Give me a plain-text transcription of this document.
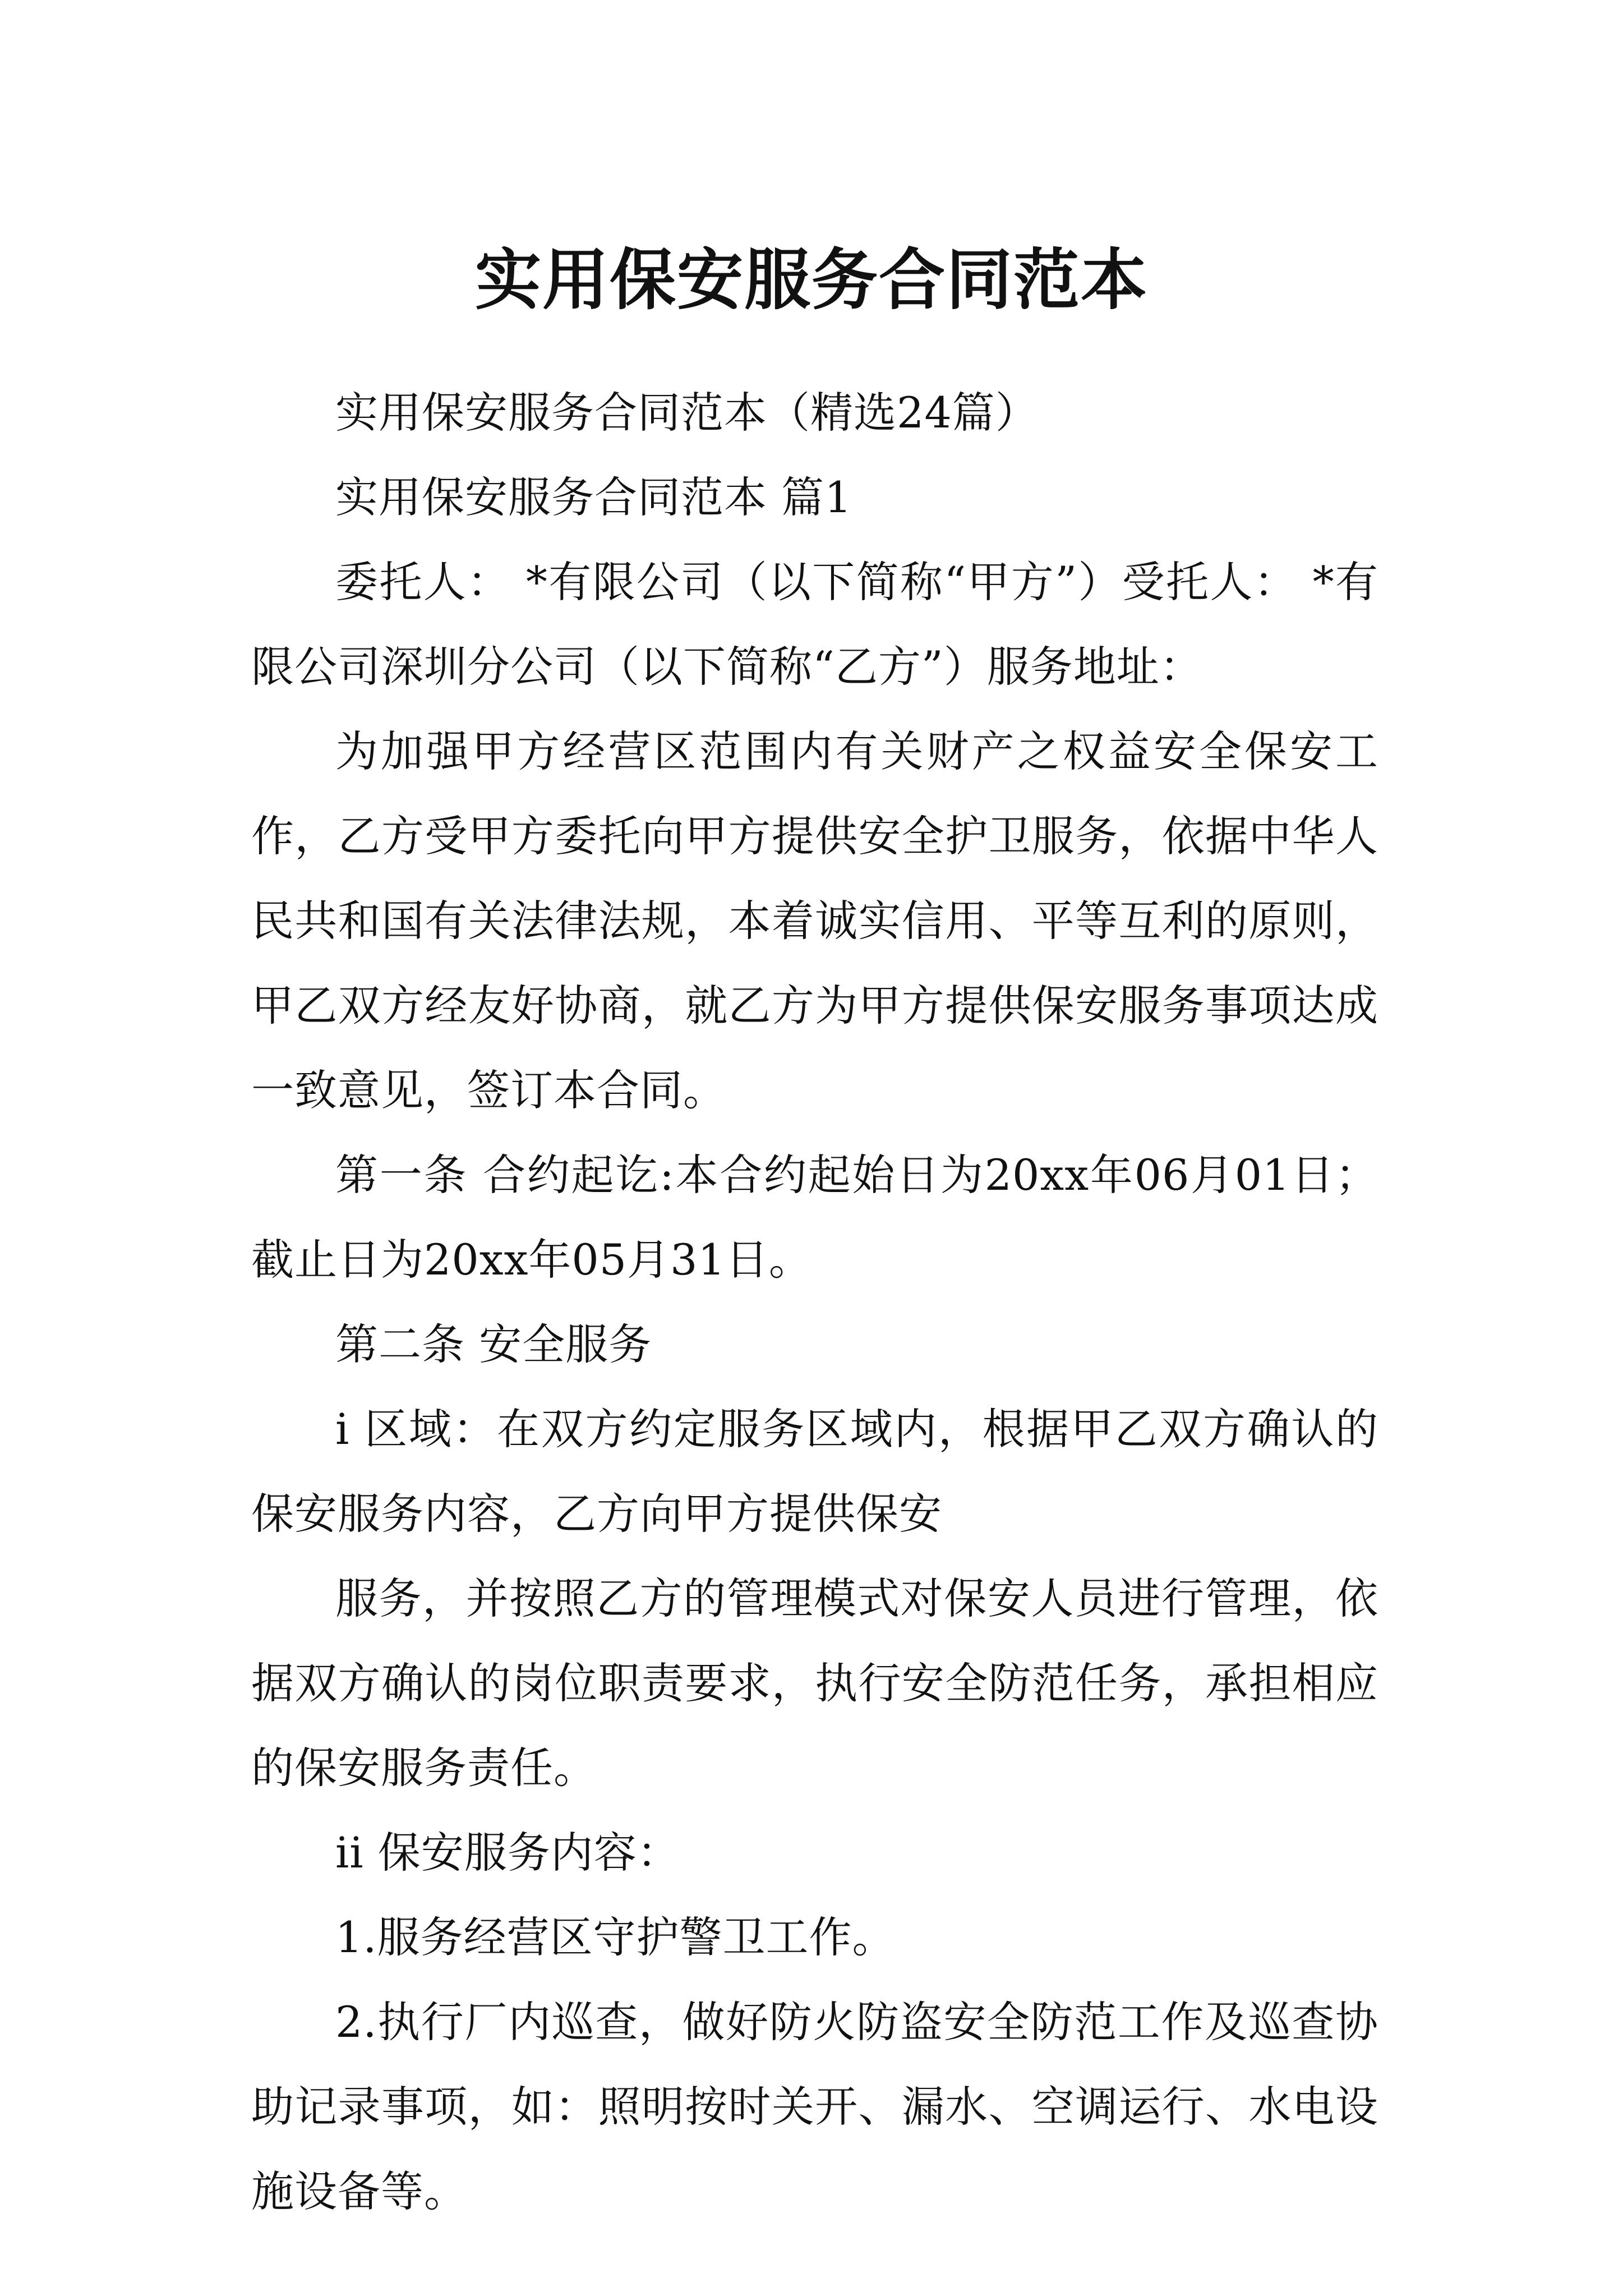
实用保安服务合同范本

实用保安服务合同范本（精选24篇）

实用保安服务合同范本 篇1

委托人： *有限公司（以下简称“甲方”）受托人： *有限公司深圳分公司（以下简称“乙方”）服务地址：

为加强甲方经营区范围内有关财产之权益安全保安工作，乙方受甲方委托向甲方提供安全护卫服务，依据中华人民共和国有关法律法规，本着诚实信用、平等互利的原则，甲乙双方经友好协商，就乙方为甲方提供保安服务事项达成一致意见，签订本合同。

第一条 合约起讫:本合约起始日为20xx年06月01日；截止日为20xx年05月31日。

第二条 安全服务

i 区域：在双方约定服务区域内，根据甲乙双方确认的保安服务内容，乙方向甲方提供保安

服务，并按照乙方的管理模式对保安人员进行管理，依据双方确认的岗位职责要求，执行安全防范任务，承担相应的保安服务责任。

ii 保安服务内容：

1.服务经营区守护警卫工作。

2.执行厂内巡查，做好防火防盗安全防范工作及巡查协助记录事项，如：照明按时关开、漏水、空调运行、水电设施设备等。
